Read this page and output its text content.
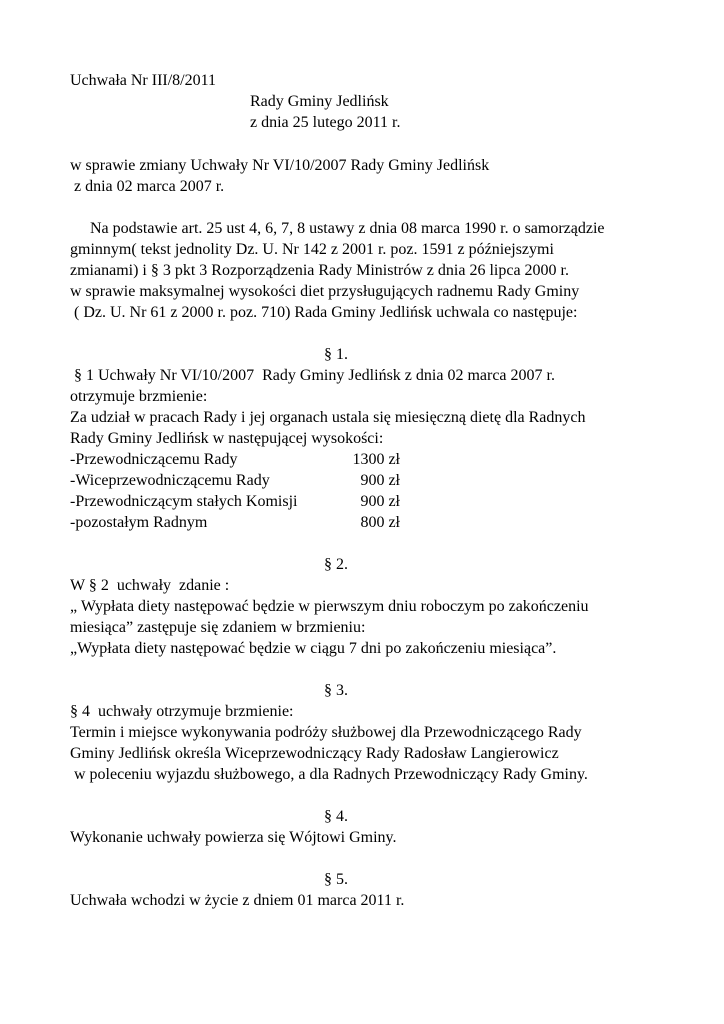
Uchwała Nr III/8/2011
Rady Gminy Jedlińsk
z dnia 25 lutego 2011 r.
w sprawie zmiany Uchwały Nr VI/10/2007 Rady Gminy Jedlińsk
z dnia 02 marca 2007 r.
Na podstawie art. 25 ust 4, 6, 7, 8 ustawy z dnia 08 marca 1990 r. o samorządzie
gminnym( tekst jednolity Dz. U. Nr 142 z 2001 r. poz. 1591 z późniejszymi
zmianami) i § 3 pkt 3 Rozporządzenia Rady Ministrów z dnia 26 lipca 2000 r.
w sprawie maksymalnej wysokości diet przysługujących radnemu Rady Gminy
( Dz. U. Nr 61 z 2000 r. poz. 710) Rada Gminy Jedlińsk uchwala co następuje:
§ 1.
§ 1 Uchwały Nr VI/10/2007  Rady Gminy Jedlińsk z dnia 02 marca 2007 r.
otrzymuje brzmienie:
Za udział w pracach Rady i jej organach ustala się miesięczną dietę dla Radnych
Rady Gminy Jedlińsk w następującej wysokości:
-Przewodniczącemu Rady	1300 zł
-Wiceprzewodniczącemu Rady	900 zł
-Przewodniczącym stałych Komisji	900 zł
-pozostałym Radnym	800 zł
§ 2.
W § 2  uchwały  zdanie :
„ Wypłata diety następować będzie w pierwszym dniu roboczym po zakończeniu
miesiąca” zastępuje się zdaniem w brzmieniu:
„Wypłata diety następować będzie w ciągu 7 dni po zakończeniu miesiąca”.
§ 3.
§ 4  uchwały otrzymuje brzmienie:
Termin i miejsce wykonywania podróży służbowej dla Przewodniczącego Rady
Gminy Jedlińsk określa Wiceprzewodniczący Rady Radosław Langierowicz
w poleceniu wyjazdu służbowego, a dla Radnych Przewodniczący Rady Gminy.
§ 4.
Wykonanie uchwały powierza się Wójtowi Gminy.
§ 5.
Uchwała wchodzi w życie z dniem 01 marca 2011 r.
